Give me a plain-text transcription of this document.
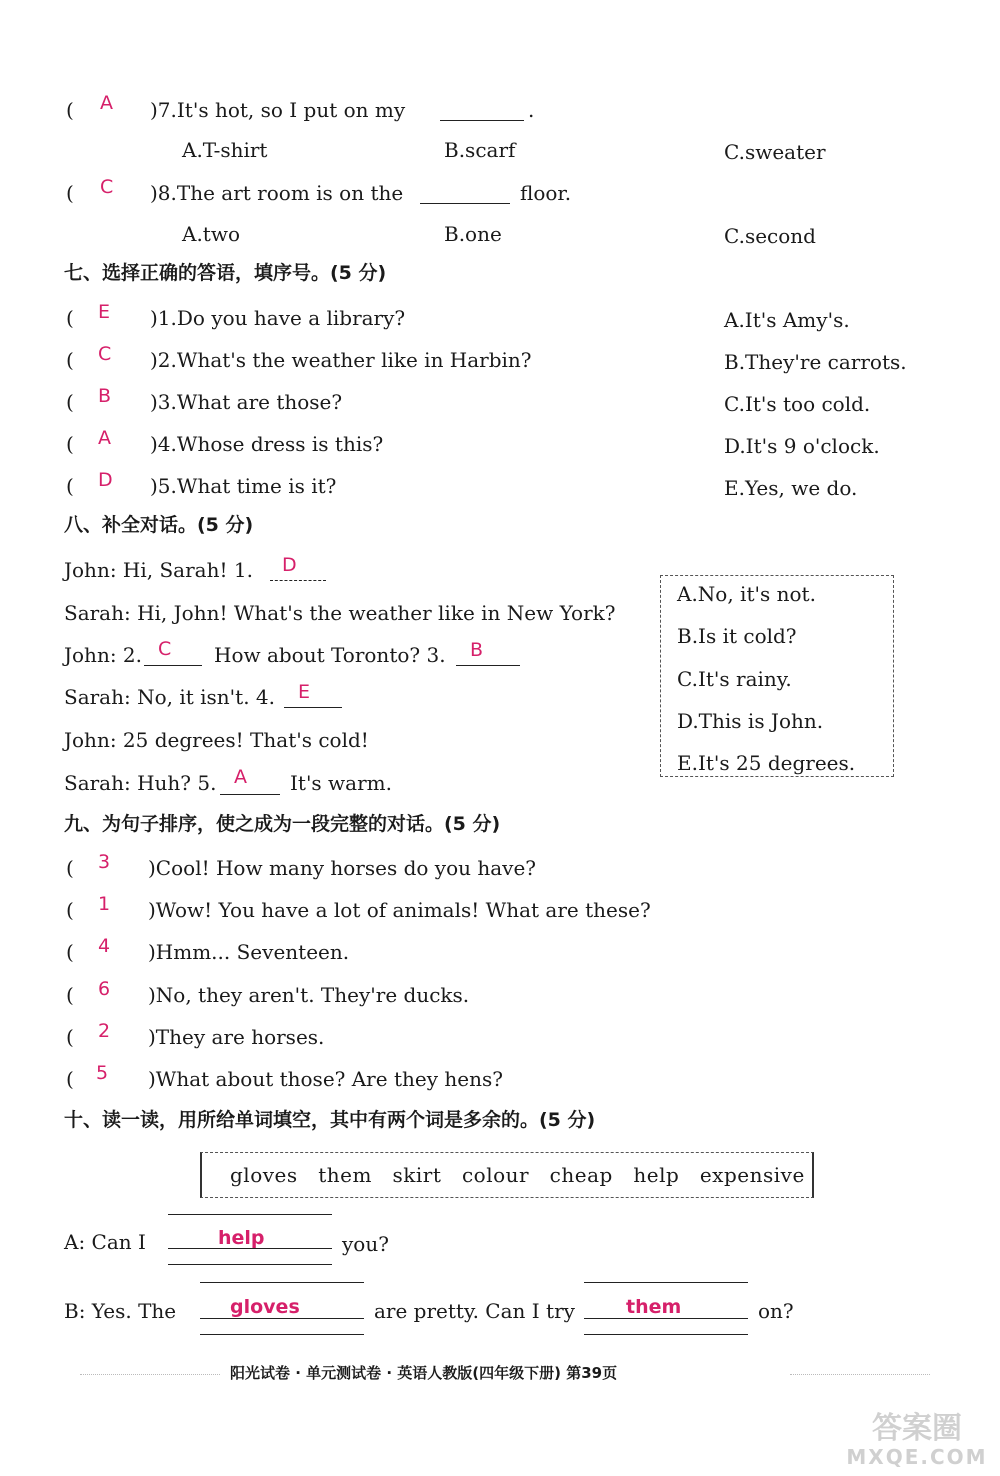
( A )7.It's hot, so I put on my	.
A.T-shirt	B.scarf	C.sweater
( C )8.The art room is on the	floor.
A.two	B.one	C.second
七、选择正确的答语，填序号。(5 分)
( E )1.Do you have a library?	A.It's Amy's.
( C )2.What's the weather like in Harbin?	B.They're carrots.
( B )3.What are those?	C.It's too cold.
( A )4.Whose dress is this?	D.It's 9 o'clock.
( D )5.What time is it?	E.Yes, we do.
八、补全对话。(5 分)
John: Hi, Sarah! 1. D
Sarah: Hi, John! What's the weather like in New York?
John: 2. C How about Toronto? 3. B
Sarah: No, it isn't. 4. E
John: 25 degrees! That's cold!
Sarah: Huh? 5. A It's warm.
A.No, it's not.
B.Is it cold?
C.It's rainy.
D.This is John.
E.It's 25 degrees.
九、为句子排序，使之成为一段完整的对话。(5 分)
( 3 )Cool! How many horses do you have?
( 1 )Wow! You have a lot of animals! What are these?
( 4 )Hmm... Seventeen.
( 6 )No, they aren't. They're ducks.
( 2 )They are horses.
( 5 )What about those? Are they hens?
十、读一读，用所给单词填空，其中有两个词是多余的。(5 分)
gloves   them   skirt   colour   cheap   help   expensive
A: Can I	help	you?
B: Yes. The	gloves	are pretty. Can I try	them	on?
阳光试卷 · 单元测试卷 · 英语人教版(四年级下册) 第39页
答案圈
MXQE.COM
